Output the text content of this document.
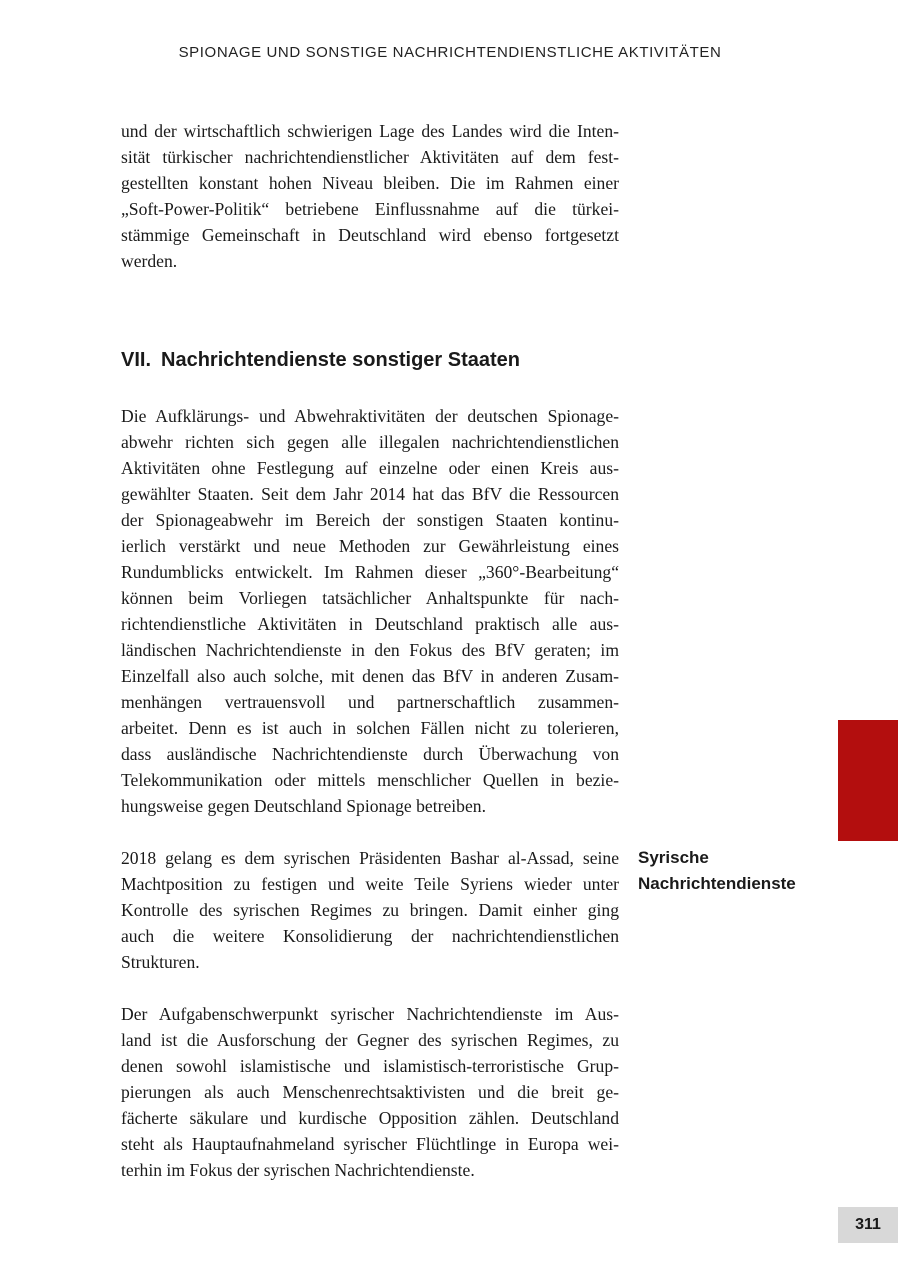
SPIONAGE UND SONSTIGE NACHRICHTENDIENSTLICHE AKTIVITÄTEN
und der wirtschaftlich schwierigen Lage des Landes wird die Inten-
sität türkischer nachrichtendienstlicher Aktivitäten auf dem fest-
gestellten konstant hohen Niveau bleiben. Die im Rahmen einer
„Soft-Power-Politik“ betriebene Einflussnahme auf die türkei-
stämmige Gemeinschaft in Deutschland wird ebenso fortgesetzt
werden.
VII. Nachrichtendienste sonstiger Staaten
Die Aufklärungs- und Abwehraktivitäten der deutschen Spionage-
abwehr richten sich gegen alle illegalen nachrichtendienstlichen
Aktivitäten ohne Festlegung auf einzelne oder einen Kreis aus-
gewählter Staaten. Seit dem Jahr 2014 hat das BfV die Ressourcen
der Spionageabwehr im Bereich der sonstigen Staaten kontinu-
ierlich verstärkt und neue Methoden zur Gewährleistung eines
Rundumblicks entwickelt. Im Rahmen dieser „360°-Bearbeitung“
können beim Vorliegen tatsächlicher Anhaltspunkte für nach-
richtendienstliche Aktivitäten in Deutschland praktisch alle aus-
ländischen Nachrichtendienste in den Fokus des BfV geraten; im
Einzelfall also auch solche, mit denen das BfV in anderen Zusam-
menhängen vertrauensvoll und partnerschaftlich zusammen-
arbeitet. Denn es ist auch in solchen Fällen nicht zu tolerieren,
dass ausländische Nachrichtendienste durch Überwachung von
Telekommunikation oder mittels menschlicher Quellen in bezie-
hungsweise gegen Deutschland Spionage betreiben.
2018 gelang es dem syrischen Präsidenten Bashar al-Assad, seine
Machtposition zu festigen und weite Teile Syriens wieder unter
Kontrolle des syrischen Regimes zu bringen. Damit einher ging
auch die weitere Konsolidierung der nachrichtendienstlichen
Strukturen.
Der Aufgabenschwerpunkt syrischer Nachrichtendienste im Aus-
land ist die Ausforschung der Gegner des syrischen Regimes, zu
denen sowohl islamistische und islamistisch-terroristische Grup-
pierungen als auch Menschenrechtsaktivisten und die breit ge-
fächerte säkulare und kurdische Opposition zählen. Deutschland
steht als Hauptaufnahmeland syrischer Flüchtlinge in Europa wei-
terhin im Fokus der syrischen Nachrichtendienste.
Syrische
Nachrichtendienste
311
